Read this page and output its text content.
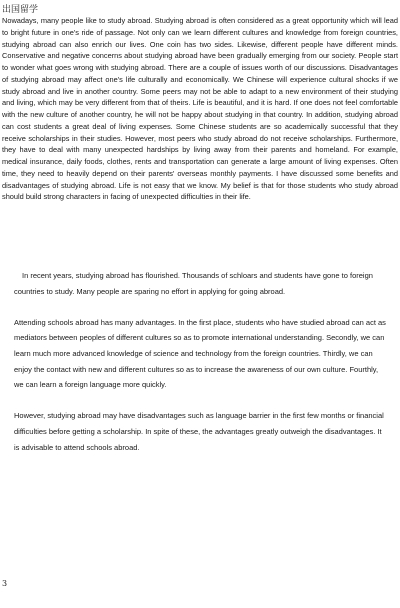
出国留学

Nowadays, many people like to study abroad. Studying abroad is often considered as a great opportunity which will lead to bright future in one's ride of passage. Not only can we learn different cultures and knowledge from foreign countries, studying abroad can also enrich our lives. One coin has two sides. Likewise, different people have different minds. Conservative and negative concerns about studying abroad have been gradually emerging from our society. People start to wonder what goes wrong with studying abroad. There are a couple of issues worth of our discussions. Disadvantages of studying abroad may affect one's life culturally and economically. We Chinese will experience cultural shocks if we study abroad and live in another country. Some peers may not be able to adapt to a new environment of their studying and living, which may be very different from that of theirs. Life is beautiful, and it is hard. If one does not feel comfortable with the new culture of another country, he will not be happy about studying in that country. In addition, studying abroad can cost students a great deal of living expenses. Some Chinese students are so academically successful that they receive scholarships in their studies. However, most peers who study abroad do not receive scholarships. Furthermore, they have to deal with many unexpected hardships by living away from their parents and homeland. For example, medical insurance, daily foods, clothes, rents and transportation can generate a large amount of living expenses. Often time, they need to heavily depend on their parents' overseas monthly payments. I have discussed some benefits and disadvantages of studying abroad. Life is not easy that we know. My belief is that for those students who study abroad should build strong characters in facing of unexpected difficulties in their life.

In recent years, studying abroad has flourished. Thousands of schloars and students have gone to foreign countries to study. Many people are sparing no effort in applying for going abroad.

Attending schools abroad has many advantages. In the first place, students who have studied abroad can act as mediators between peoples of different cultures so as to promote international understanding. Secondly, we can learn much more advanced knowledge of science and technology from the foreign countries. Thirdly, we can enjoy the contact with new and different cultures so as to increase the awareness of our own culture. Fourthly, we can learn a foreign language more quickly.

However, studying abroad may have disadvantages such as language barrier in the first few months or financial difficulties before getting a scholarship. In spite of these, the advantages greatly outweigh the disadvantages. It is advisable to attend schools abroad.

3
